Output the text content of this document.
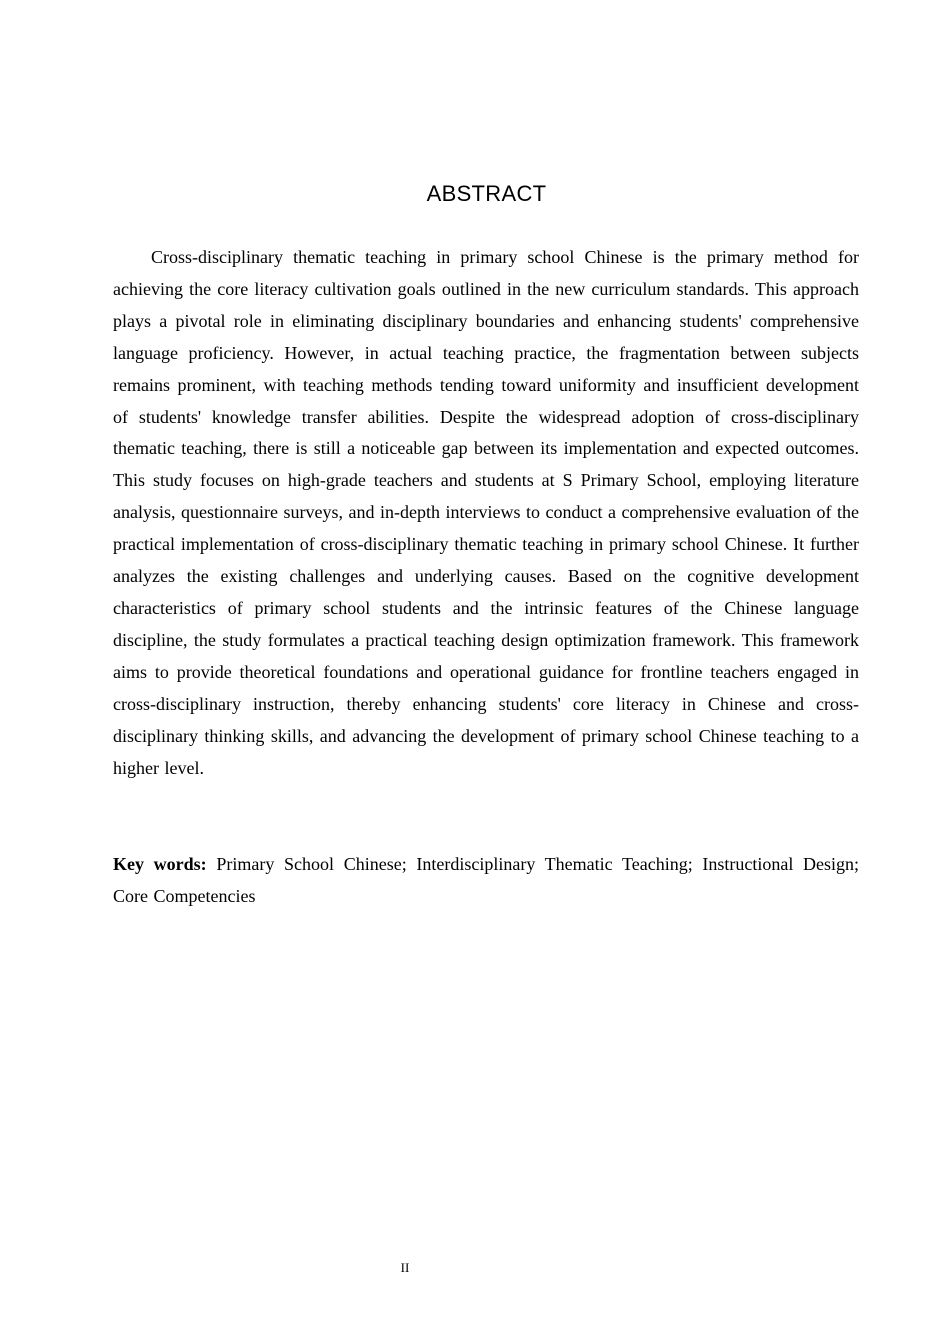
ABSTRACT

Cross-disciplinary thematic teaching in primary school Chinese is the primary method for achieving the core literacy cultivation goals outlined in the new curriculum standards. This approach plays a pivotal role in eliminating disciplinary boundaries and enhancing students' comprehensive language proficiency. However, in actual teaching practice, the fragmentation between subjects remains prominent, with teaching methods tending toward uniformity and insufficient development of students' knowledge transfer abilities. Despite the widespread adoption of cross-disciplinary thematic teaching, there is still a noticeable gap between its implementation and expected outcomes. This study focuses on high-grade teachers and students at S Primary School, employing literature analysis, questionnaire surveys, and in-depth interviews to conduct a comprehensive evaluation of the practical implementation of cross-disciplinary thematic teaching in primary school Chinese. It further analyzes the existing challenges and underlying causes. Based on the cognitive development characteristics of primary school students and the intrinsic features of the Chinese language discipline, the study formulates a practical teaching design optimization framework. This framework aims to provide theoretical foundations and operational guidance for frontline teachers engaged in cross-disciplinary instruction, thereby enhancing students' core literacy in Chinese and cross-disciplinary thinking skills, and advancing the development of primary school Chinese teaching to a higher level.

Key words: Primary School Chinese; Interdisciplinary Thematic Teaching; Instructional Design; Core Competencies

II
